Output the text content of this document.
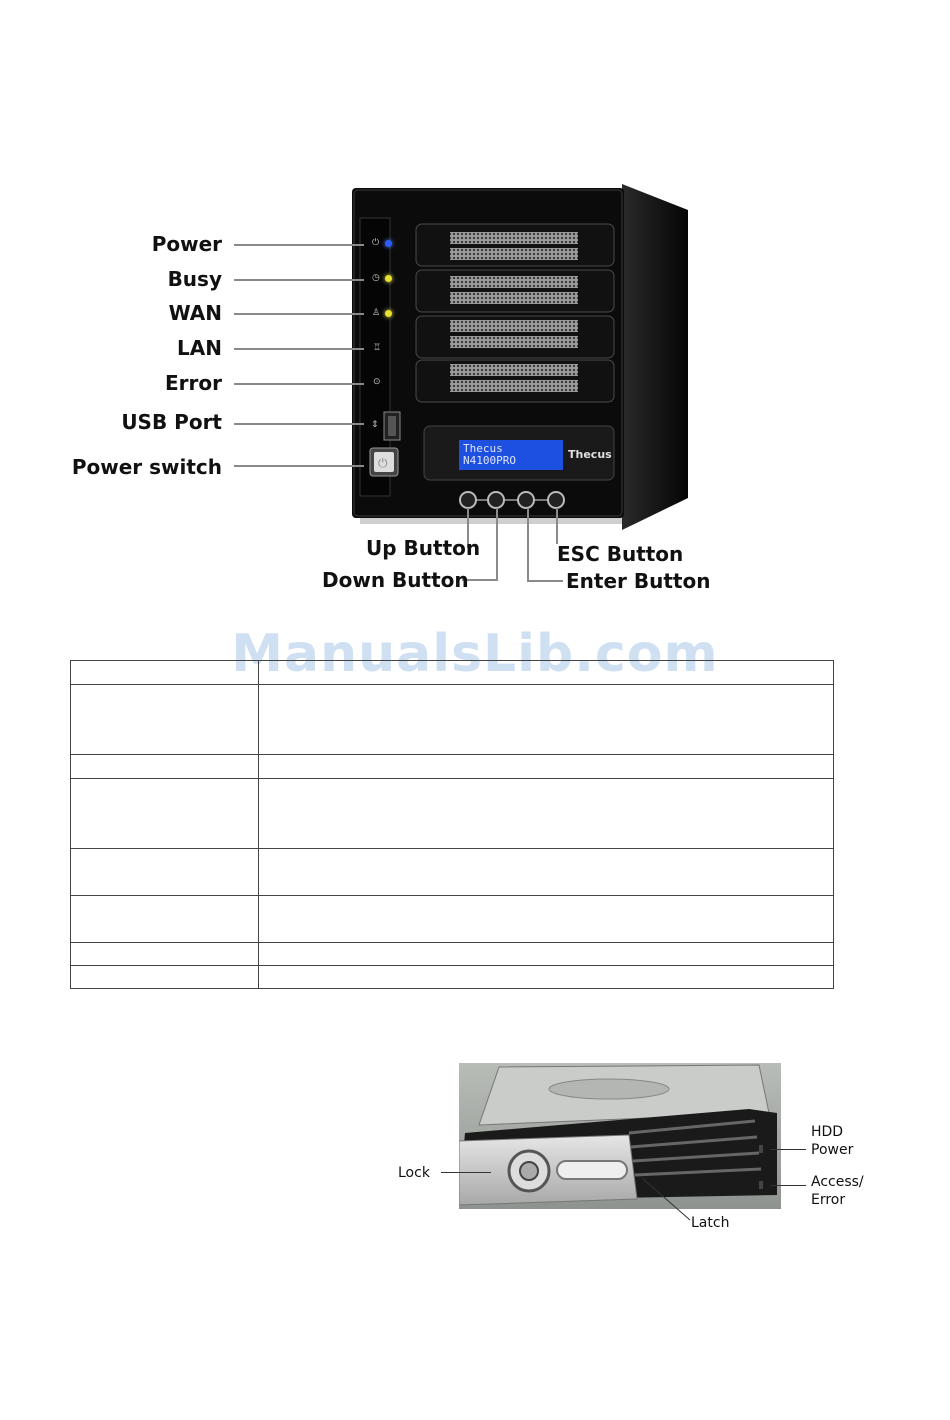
⏻
◷
♙
♖
⊙
⇕
⏻
Thecus
N4100PRO	Thecus
Power
Busy
WAN
LAN
Error
USB Port
Power switch
Up Button
Down Button
ESC Button
Enter Button
ManualsLib.com

Lock
Latch
HDD
Power
Access/
Error
